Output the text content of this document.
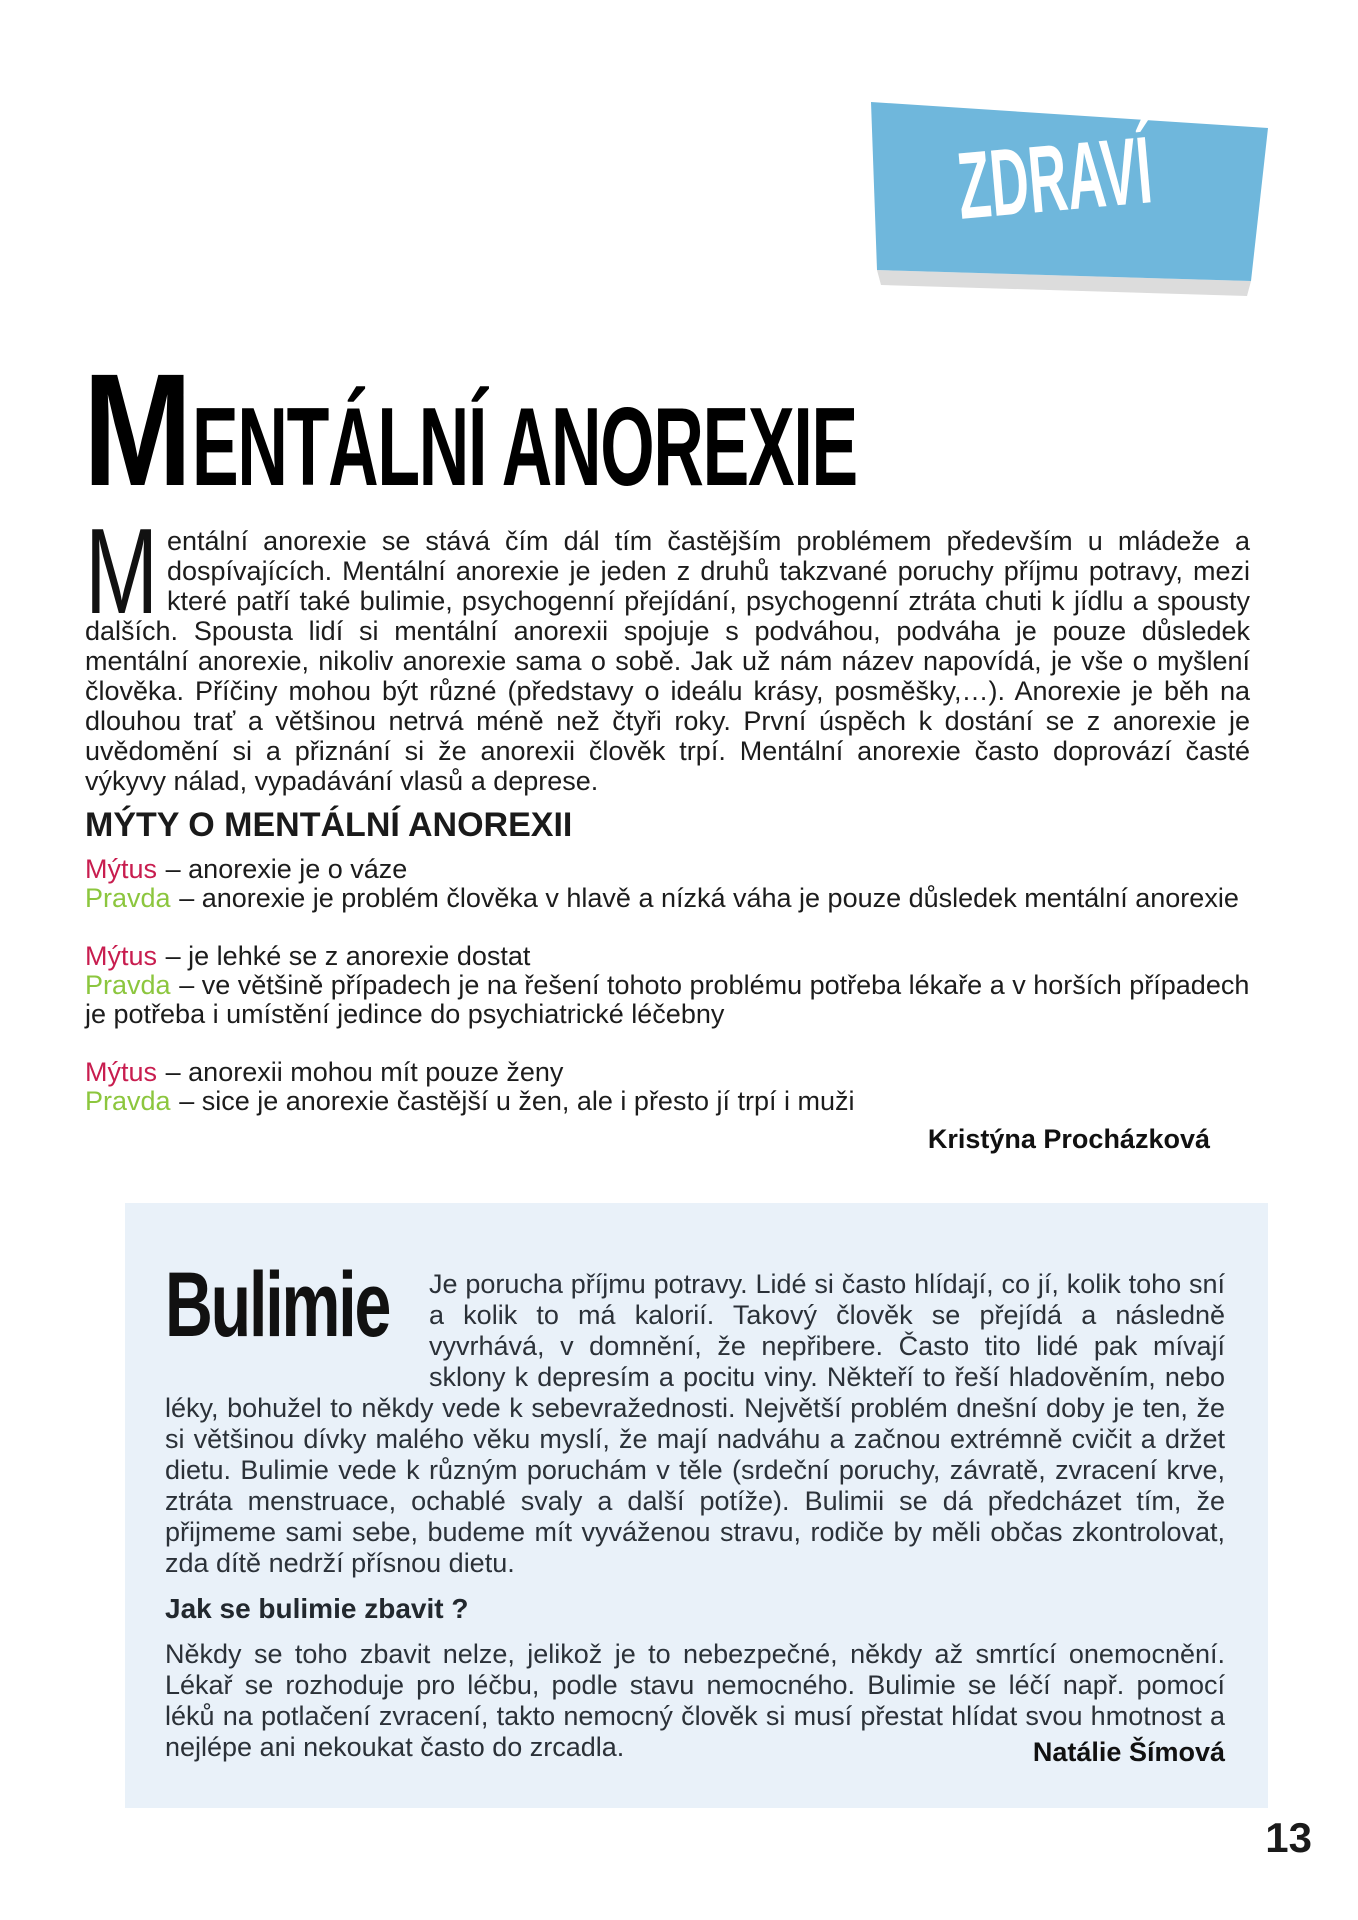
ZDRAVÍ
MENTÁLNÍ ANOREXIE
Mentální anorexie se stává čím dál tím častějším problémem především u mládeže a dospívajících. Mentální anorexie je jeden z druhů takzvané poruchy příjmu potravy, mezi které patří také bulimie, psychogenní přejídání, psychogenní ztráta chuti k jídlu a spousty dalších. Spousta lidí si mentální anorexii spojuje s podváhou, podváha je pouze důsledek mentální anorexie, nikoliv anorexie sama o sobě. Jak už nám název napovídá, je vše o myšlení člověka. Příčiny mohou být různé (představy o ideálu krásy, posměšky,…). Anorexie je běh na dlouhou trať a většinou netrvá méně než čtyři roky. První úspěch k dostání se z anorexie je uvědomění si a přiznání si že anorexii člověk trpí. Mentální anorexie často doprovází časté výkyvy nálad, vypadávání vlasů a deprese.
MÝTY O MENTÁLNÍ ANOREXII
Mýtus – anorexie je o váze
Pravda – anorexie je problém člověka v hlavě a nízká váha je pouze důsledek mentální anorexie
Mýtus – je lehké se z anorexie dostat
Pravda – ve většině případech je na řešení tohoto problému potřeba lékaře a v horších případech je potřeba i umístění jedince do psychiatrické léčebny
Mýtus – anorexii mohou mít pouze ženy
Pravda – sice je anorexie častější u žen, ale i přesto jí trpí i muži
Kristýna Procházková
Bulimie	Je porucha příjmu potravy. Lidé si často hlídají, co jí, kolik toho sní a kolik to má kalorií. Takový člověk se přejídá a následně vyvrhává, v domnění, že nepřibere. Často tito lidé pak mívají sklony k depresím a pocitu viny. Někteří to řeší hladověním, nebo léky, bohužel to někdy vede k sebevražednosti. Největší problém dnešní doby je ten, že si většinou dívky malého věku myslí, že mají nadváhu a začnou extrémně cvičit a držet dietu. Bulimie vede k různým poruchám v těle (srdeční poruchy, závratě, zvracení krve, ztráta menstruace, ochablé svaly a další potíže). Bulimii se dá předcházet tím, že přijmeme sami sebe, budeme mít vyváženou stravu, rodiče by měli občas zkontrolovat, zda dítě nedrží přísnou dietu.

Jak se bulimie zbavit ?

Někdy se toho zbavit nelze, jelikož je to nebezpečné, někdy až smrtící onemocnění. Lékař se rozhoduje pro léčbu, podle stavu nemocného. Bulimie se léčí např. pomocí léků na potlačení zvracení, takto nemocný člověk si musí přestat hlídat svou hmotnost a nejlépe ani nekoukat často do zrcadla.	Natálie Šímová
13
